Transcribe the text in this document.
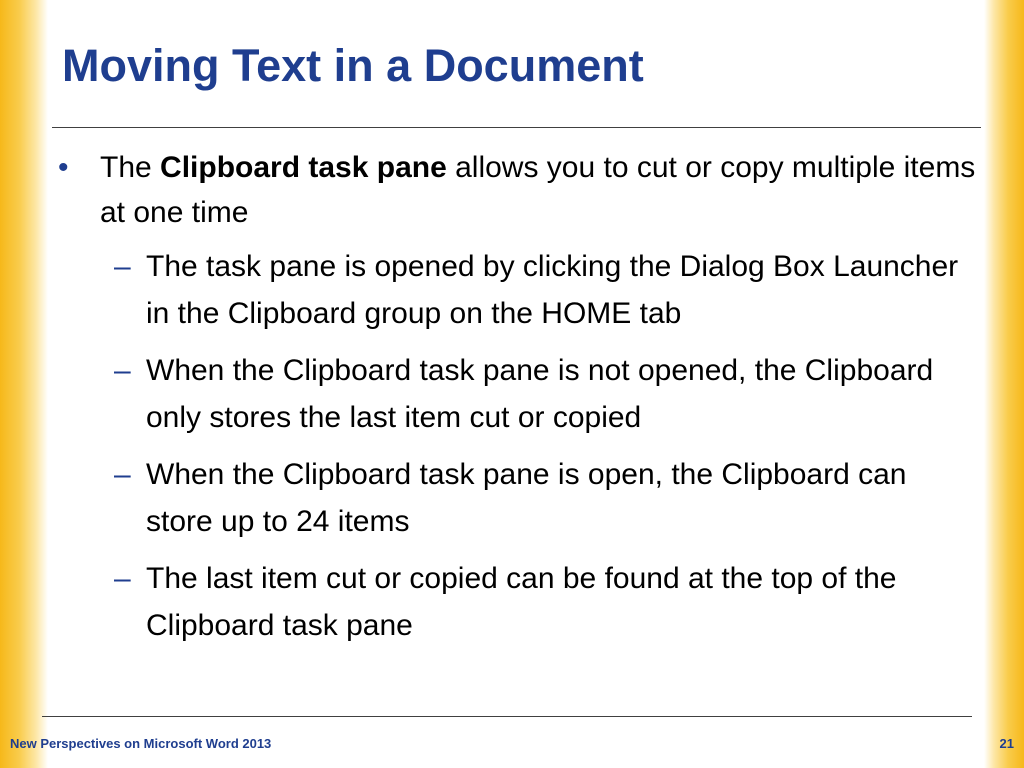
Moving Text in a Document
•	The Clipboard task pane allows you to cut or copy multiple items at one time
– The task pane is opened by clicking the Dialog Box Launcher in the Clipboard group on the HOME tab
– When the Clipboard task pane is not opened, the Clipboard only stores the last item cut or copied
– When the Clipboard task pane is open, the Clipboard can store up to 24 items
– The last item cut or copied can be found at the top of the Clipboard task pane
New Perspectives on Microsoft Word 2013	21
